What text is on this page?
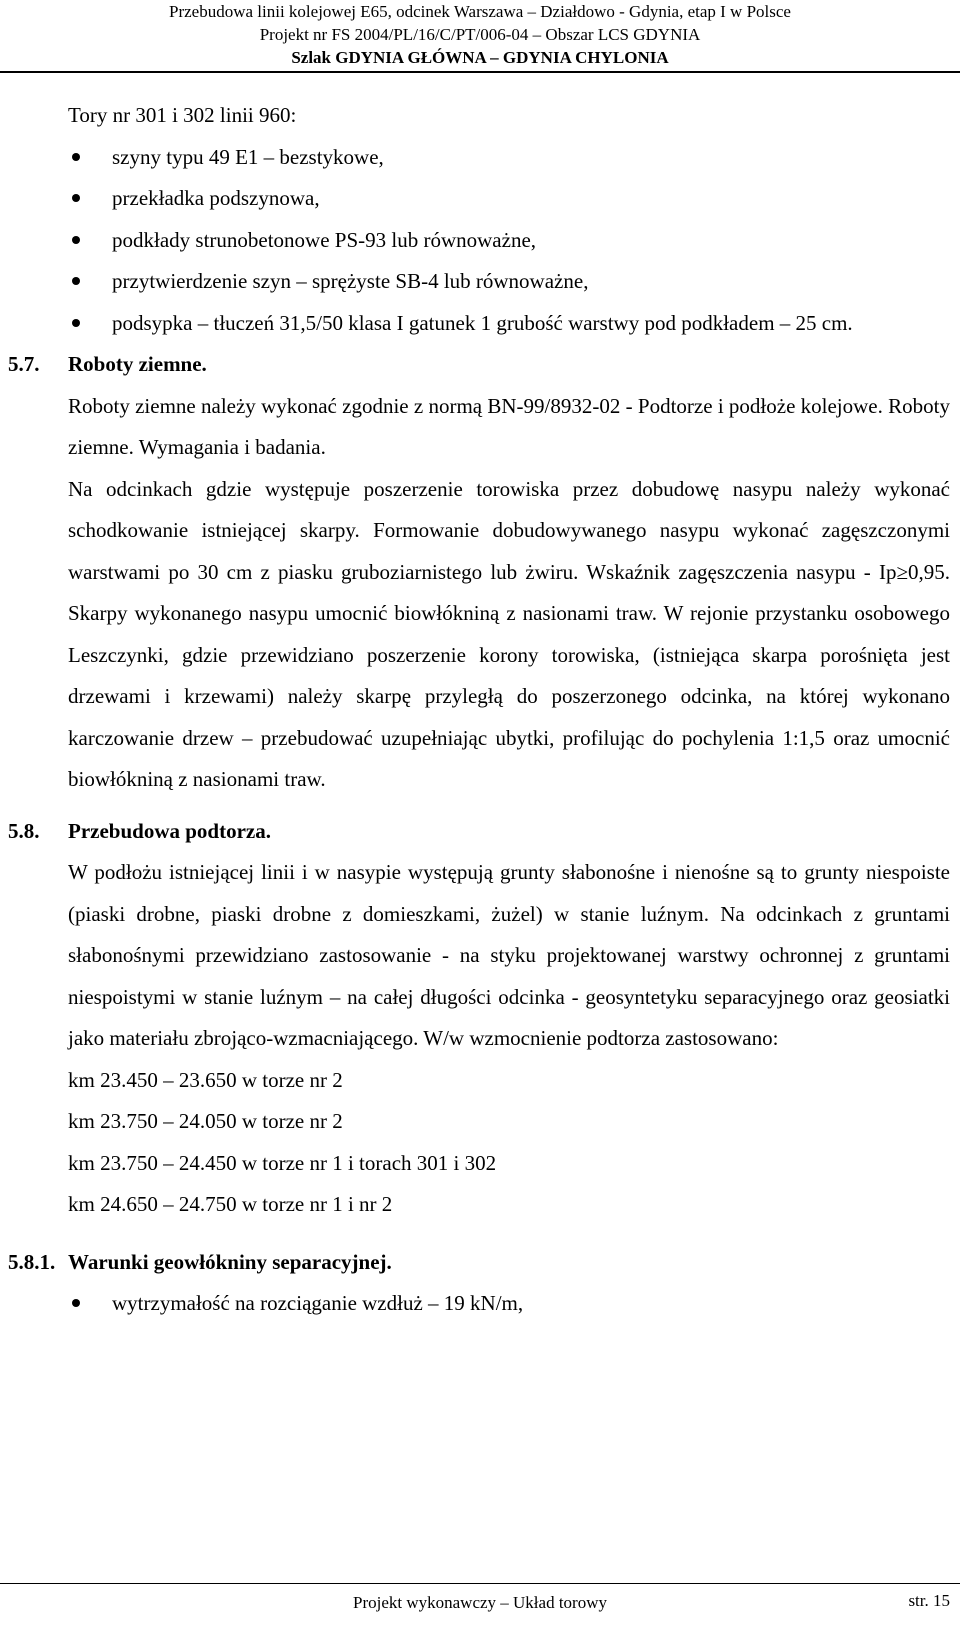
Przebudowa linii kolejowej E65, odcinek Warszawa – Działdowo - Gdynia, etap I w Polsce
Projekt nr FS 2004/PL/16/C/PT/006-04 – Obszar LCS GDYNIA
Szlak GDYNIA GŁÓWNA – GDYNIA CHYLONIA

Tory nr 301 i 302 linii 960:

szyny typu 49 E1 – bezstykowe,
przekładka podszynowa,
podkłady strunobetonowe PS-93 lub równoważne,
przytwierdzenie szyn – sprężyste SB-4 lub równoważne,
podsypka – tłuczeń 31,5/50 klasa I gatunek 1 grubość warstwy pod podkładem – 25 cm.
5.7.	Roboty ziemne.

Roboty ziemne należy wykonać zgodnie z normą BN-99/8932-02 - Podtorze i podłoże kolejowe. Roboty ziemne. Wymagania i badania.

Na odcinkach gdzie występuje poszerzenie torowiska przez dobudowę nasypu należy wykonać schodkowanie istniejącej skarpy. Formowanie dobudowywanego nasypu wykonać zagęszczonymi warstwami po 30 cm z piasku gruboziarnistego lub żwiru. Wskaźnik zagęszczenia nasypu - Ip≥0,95. Skarpy wykonanego nasypu umocnić biowłókniną z nasionami traw. W rejonie przystanku osobowego Leszczynki, gdzie przewidziano poszerzenie korony torowiska, (istniejąca skarpa porośnięta jest drzewami i krzewami) należy skarpę przyległą do poszerzonego odcinka, na której wykonano karczowanie drzew – przebudować uzupełniając ubytki, profilując do pochylenia 1:1,5 oraz umocnić biowłókniną z nasionami traw.

5.8.	Przebudowa podtorza.

W podłożu istniejącej linii i w nasypie występują grunty słabonośne i nienośne są to grunty niespoiste (piaski drobne, piaski drobne z domieszkami, żużel) w stanie luźnym. Na odcinkach z gruntami słabonośnymi przewidziano zastosowanie - na styku projektowanej warstwy ochronnej z gruntami niespoistymi w stanie luźnym – na całej długości odcinka - geosyntetyku separacyjnego oraz geosiatki jako materiału zbrojąco-wzmacniającego. W/w wzmocnienie podtorza zastosowano:

km 23.450 – 23.650 w torze nr 2

km 23.750 – 24.050 w torze nr 2

km 23.750 – 24.450 w torze nr 1 i torach 301 i 302

km 24.650 – 24.750 w torze nr 1 i nr 2

5.8.1. Warunki geowłókniny separacyjnej.
wytrzymałość na rozciąganie wzdłuż – 19 kN/m,
Projekt wykonawczy – Układ torowy	str. 15
